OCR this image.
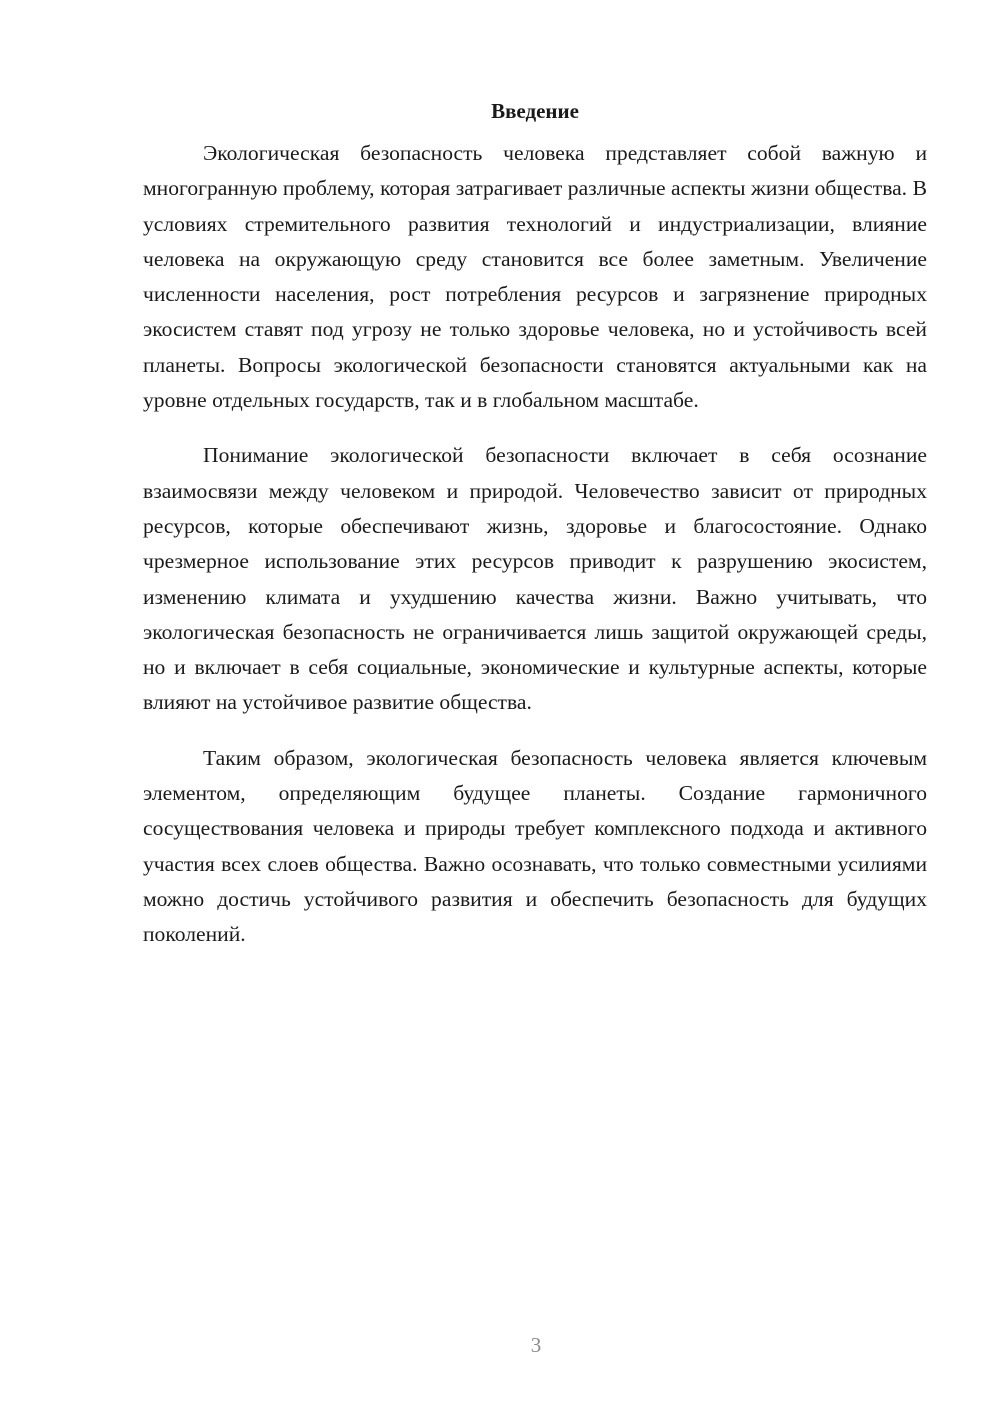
Введение

Экологическая безопасность человека представляет собой важную и многогранную проблему, которая затрагивает различные аспекты жизни общества. В условиях стремительного развития технологий и индустриализации, влияние человека на окружающую среду становится все более заметным. Увеличение численности населения, рост потребления ресурсов и загрязнение природных экосистем ставят под угрозу не только здоровье человека, но и устойчивость всей планеты. Вопросы экологической безопасности становятся актуальными как на уровне отдельных государств, так и в глобальном масштабе.

Понимание экологической безопасности включает в себя осознание взаимосвязи между человеком и природой. Человечество зависит от природных ресурсов, которые обеспечивают жизнь, здоровье и благосостояние. Однако чрезмерное использование этих ресурсов приводит к разрушению экосистем, изменению климата и ухудшению качества жизни. Важно учитывать, что экологическая безопасность не ограничивается лишь защитой окружающей среды, но и включает в себя социальные, экономические и культурные аспекты, которые влияют на устойчивое развитие общества.

Таким образом, экологическая безопасность человека является ключевым элементом, определяющим будущее планеты. Создание гармоничного сосуществования человека и природы требует комплексного подхода и активного участия всех слоев общества. Важно осознавать, что только совместными усилиями можно достичь устойчивого развития и обеспечить безопасность для будущих поколений.

3
